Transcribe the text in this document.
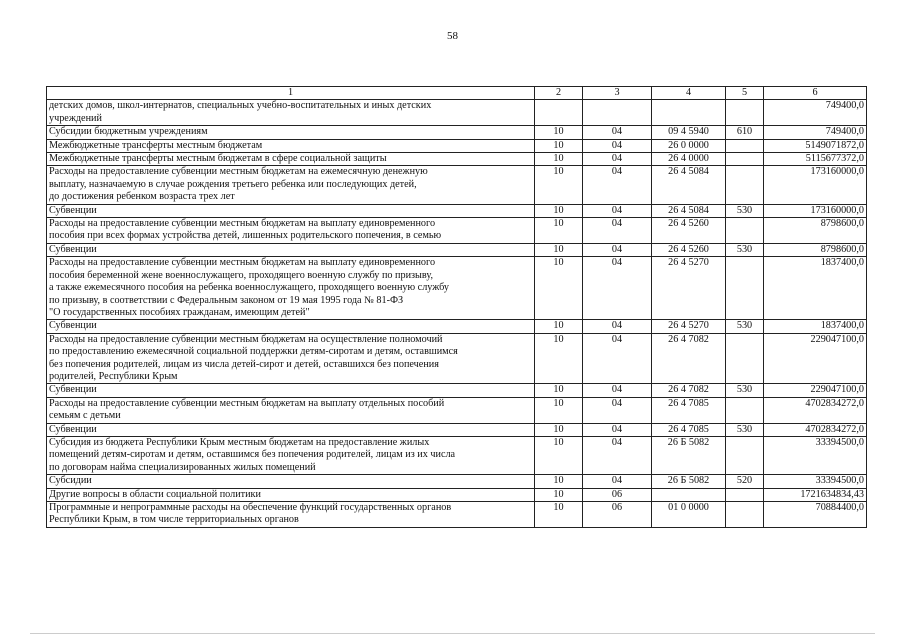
58
1	2	3	4	5	6
детских домов, школ-интернатов, специальных учебно-воспитательных и иных детских
учреждений					749400,0
Субсидии бюджетным учреждениям	10	04	09 4 5940	610	749400,0
Межбюджетные трансферты местным бюджетам	10	04	26 0 0000		5149071872,0
Межбюджетные трансферты местным бюджетам в сфере социальной защиты	10	04	26 4 0000		5115677372,0
Расходы на предоставление субвенции местным бюджетам на ежемесячную денежную
выплату, назначаемую в случае рождения третьего ребенка или последующих детей,
до достижения ребенком возраста трех лет	10	04	26 4 5084		173160000,0
Субвенции	10	04	26 4 5084	530	173160000,0
Расходы на предоставление субвенции местным бюджетам на выплату единовременного
пособия при всех формах устройства детей, лишенных родительского попечения, в семью	10	04	26 4 5260		8798600,0
Субвенции	10	04	26 4 5260	530	8798600,0
Расходы на предоставление субвенции местным бюджетам на выплату единовременного
пособия беременной жене военнослужащего, проходящего военную службу по призыву,
а также ежемесячного пособия на ребенка военнослужащего, проходящего военную службу
по призыву, в соответствии с Федеральным законом от 19 мая 1995 года № 81-ФЗ
"О государственных пособиях гражданам, имеющим детей"	10	04	26 4 5270		1837400,0
Субвенции	10	04	26 4 5270	530	1837400,0
Расходы на предоставление субвенции местным бюджетам на осуществление полномочий
по предоставлению ежемесячной социальной поддержки детям-сиротам и детям, оставшимся
без попечения родителей, лицам из числа детей-сирот и детей, оставшихся без попечения
родителей, Республики Крым	10	04	26 4 7082		229047100,0
Субвенции	10	04	26 4 7082	530	229047100,0
Расходы на предоставление субвенции местным бюджетам на выплату отдельных пособий
семьям с детьми	10	04	26 4 7085		4702834272,0
Субвенции	10	04	26 4 7085	530	4702834272,0
Субсидия из бюджета Республики Крым местным бюджетам на предоставление жилых
помещений детям-сиротам и детям, оставшимся без попечения родителей, лицам из их числа
по договорам найма специализированных жилых помещений	10	04	26 Б 5082		33394500,0
Субсидии	10	04	26 Б 5082	520	33394500,0
Другие вопросы в области социальной политики	10	06			1721634834,43
Программные и непрограммные расходы на обеспечение функций государственных органов
Республики Крым, в том числе территориальных органов	10	06	01 0 0000		70884400,0
